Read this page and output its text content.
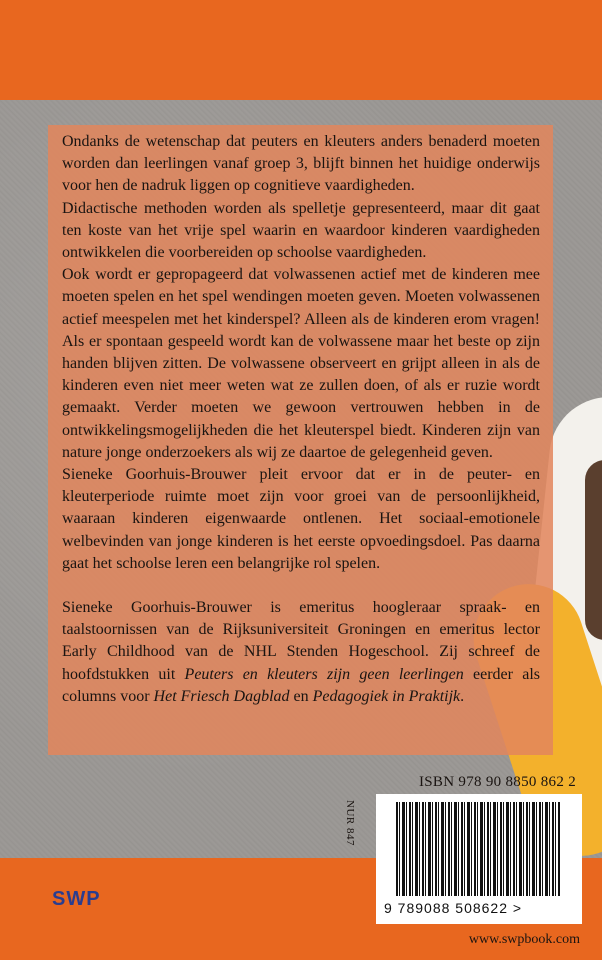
Ondanks de wetenschap dat peuters en kleuters anders benaderd moeten worden dan leerlingen vanaf groep 3, blijft binnen het huidige onderwijs voor hen de nadruk liggen op cognitieve vaardigheden.

Didactische methoden worden als spelletje gepresenteerd, maar dit gaat ten koste van het vrije spel waarin en waardoor kinderen vaardigheden ontwikkelen die voorbereiden op schoolse vaardigheden.

Ook wordt er gepropageerd dat volwassenen actief met de kinderen mee moeten spelen en het spel wendingen moeten geven. Moeten volwassenen actief meespelen met het kinderspel? Alleen als de kinderen erom vragen! Als er spontaan gespeeld wordt kan de volwassene maar het beste op zijn handen blijven zitten. De volwassene observeert en grijpt alleen in als de kinderen even niet meer weten wat ze zullen doen, of als er ruzie wordt gemaakt. Verder moeten we gewoon vertrouwen hebben in de ontwikkelingsmogelijkheden die het kleuterspel biedt. Kinderen zijn van nature jonge onderzoekers als wij ze daartoe de gelegenheid geven.

Sieneke Goorhuis-Brouwer pleit ervoor dat er in de peuter- en kleuterperiode ruimte moet zijn voor groei van de persoonlijkheid, waaraan kinderen eigenwaarde ontlenen. Het sociaal-emotionele welbevinden van jonge kinderen is het eerste opvoedingsdoel. Pas daarna gaat het schoolse leren een belangrijke rol spelen.

Sieneke Goorhuis-Brouwer is emeritus hoogleraar spraak- en taalstoornissen van de Rijksuniversiteit Groningen en emeritus lector Early Childhood van de NHL Stenden Hogeschool. Zij schreef de hoofdstukken uit Peuters en kleuters zijn geen leerlingen eerder als columns voor Het Friesch Dagblad en Pedagogiek in Praktijk.

SWP
ISBN 978 90 8850 862 2
NUR 847
9 789088 508622 >
www.swpbook.com
